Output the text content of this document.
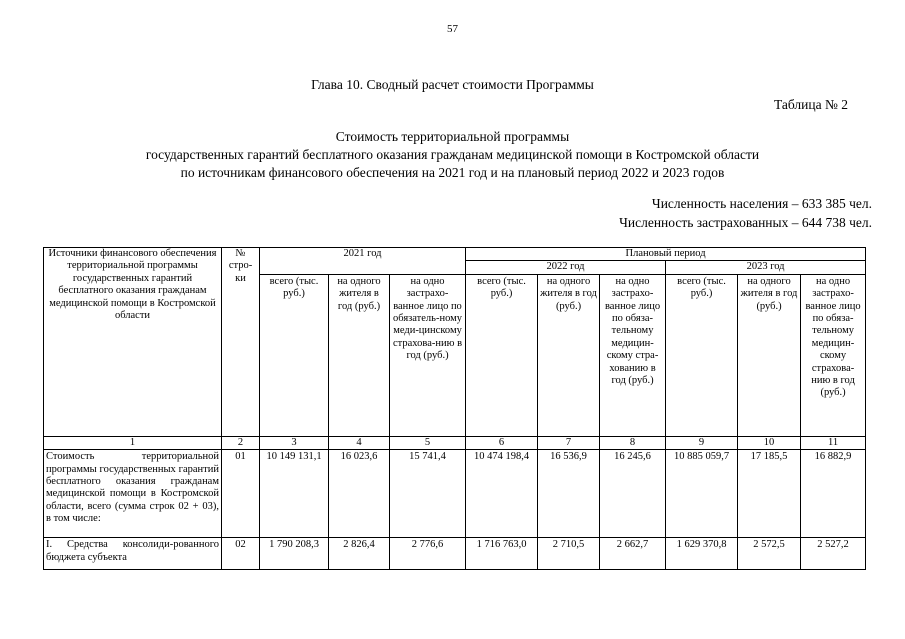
57
Глава 10. Сводный расчет стоимости Программы
Таблица № 2
Стоимость территориальной программы
государственных гарантий бесплатного оказания гражданам медицинской помощи в Костромской области
по источникам финансового обеспечения на 2021 год и на плановый период 2022 и 2023 годов
Численность населения – 633 385 чел.
Численность застрахованных – 644 738 чел.
Источники финансового обеспечения территориальной программы государственных гарантий бесплатного оказания гражданам медицинской помощи в Костромской области	№ стро-ки	2021 год			Плановый период					
					2022 год			2023 год		
		всего (тыс. руб.)	на одного жителя в год (руб.)	на одно застрахо-ванное лицо по обязатель-ному меди-цинскому страхова-нию в год (руб.)	всего (тыс. руб.)	на одного жителя в год (руб.)	на одно застрахо-ванное лицо по обяза-тельному медицин-скому стра-хованию в год (руб.)	всего (тыс. руб.)	на одного жителя в год (руб.)	на одно застрахо-ванное лицо по обяза-тельному медицин-скому страхова-нию в год (руб.)
1	2	3	4	5	6	7	8	9	10	11
Стоимость территориальной программы государственных гарантий бесплатного оказания гражданам медицинской помощи в Костромской области, всего (сумма строк 02 + 03), в том числе:	01	10 149 131,1	16 023,6	15 741,4	10 474 198,4	16 536,9	16 245,6	10 885 059,7	17 185,5	16 882,9
I. Средства консолиди-рованного бюджета субъекта	02	1 790 208,3	2 826,4	2 776,6	1 716 763,0	2 710,5	2 662,7	1 629 370,8	2 572,5	2 527,2
